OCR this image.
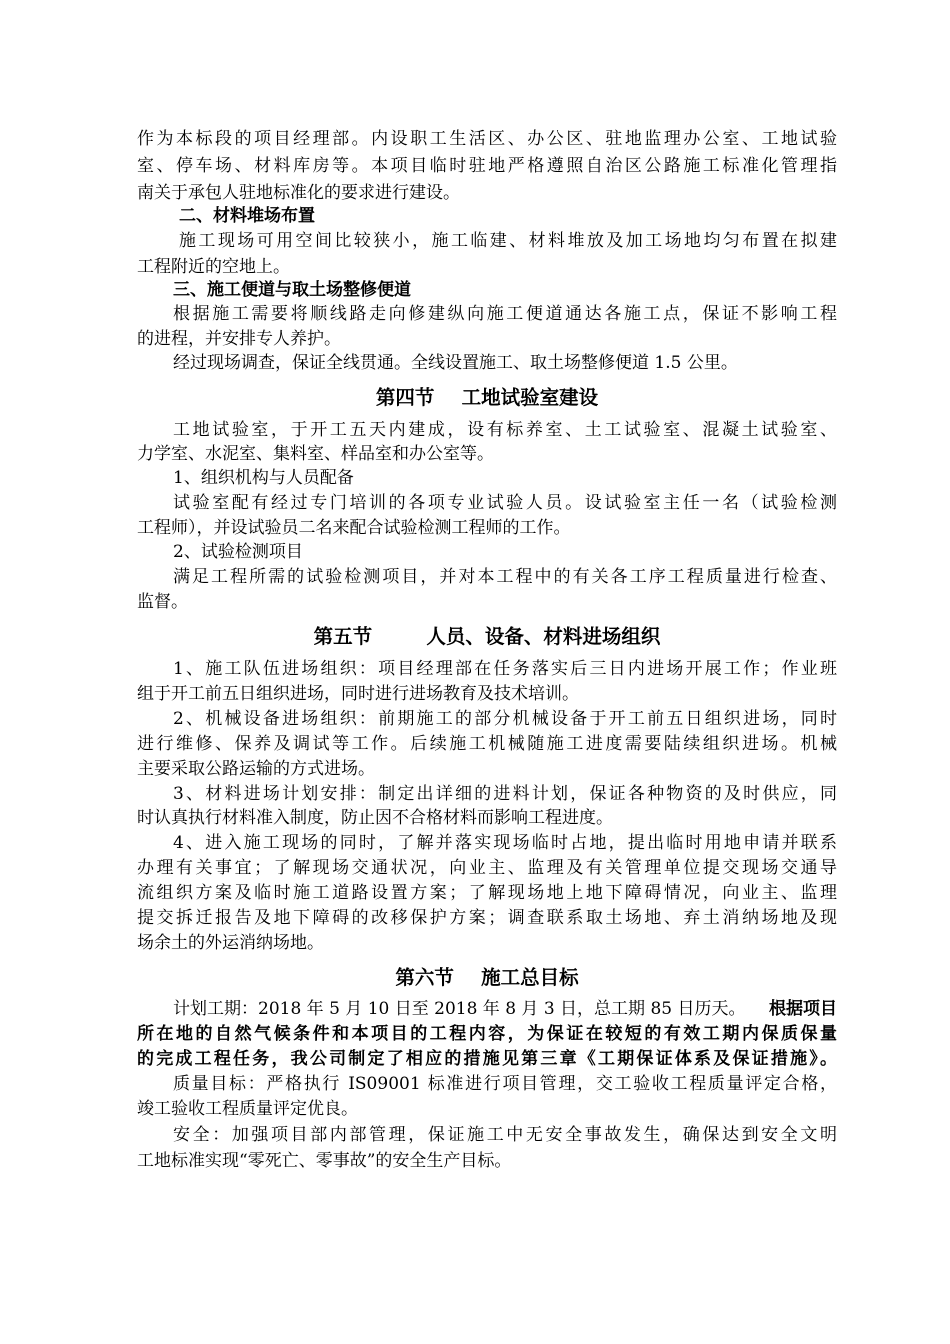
作为本标段的项目经理部。内设职工生活区、办公区、驻地监理办公室、工地试验
室、停车场、材料库房等。本项目临时驻地严格遵照自治区公路施工标准化管理指
南关于承包人驻地标准化的要求进行建设。
二、材料堆场布置
施工现场可用空间比较狭小，施工临建、材料堆放及加工场地均匀布置在拟建
工程附近的空地上。
三、施工便道与取土场整修便道
根据施工需要将顺线路走向修建纵向施工便道通达各施工点，保证不影响工程
的进程，并安排专人养护。
经过现场调查，保证全线贯通。全线设置施工、取土场整修便道 1.5 公里。
第四节    工地试验室建设
工地试验室，于开工五天内建成，设有标养室、土工试验室、混凝土试验室、
力学室、水泥室、集料室、样品室和办公室等。
1、组织机构与人员配备
试验室配有经过专门培训的各项专业试验人员。设试验室主任一名（试验检测
工程师），并设试验员二名来配合试验检测工程师的工作。
2、试验检测项目
满足工程所需的试验检测项目，并对本工程中的有关各工序工程质量进行检查、
监督。
第五节        人员、设备、材料进场组织
1、施工队伍进场组织：项目经理部在任务落实后三日内进场开展工作；作业班
组于开工前五日组织进场，同时进行进场教育及技术培训。
2、机械设备进场组织：前期施工的部分机械设备于开工前五日组织进场，同时
进行维修、保养及调试等工作。后续施工机械随施工进度需要陆续组织进场。机械
主要采取公路运输的方式进场。
3、材料进场计划安排：制定出详细的进料计划，保证各种物资的及时供应，同
时认真执行材料准入制度，防止因不合格材料而影响工程进度。
4、进入施工现场的同时，了解并落实现场临时占地，提出临时用地申请并联系
办理有关事宜；了解现场交通状况，向业主、监理及有关管理单位提交现场交通导
流组织方案及临时施工道路设置方案；了解现场地上地下障碍情况，向业主、监理
提交拆迁报告及地下障碍的改移保护方案；调查联系取土场地、弃土消纳场地及现
场余土的外运消纳场地。
第六节    施工总目标
计划工期：2018 年 5 月 10 日至 2018 年 8 月 3 日，总工期 85 日历天。 根据项目
所在地的自然气候条件和本项目的工程内容，为保证在较短的有效工期内保质保量
的完成工程任务，我公司制定了相应的措施见第三章《工期保证体系及保证措施》。
质量目标：严格执行 IS09001 标准进行项目管理，交工验收工程质量评定合格，
竣工验收工程质量评定优良。
安全：加强项目部内部管理，保证施工中无安全事故发生，确保达到安全文明
工地标准实现“零死亡、零事故”的安全生产目标。
